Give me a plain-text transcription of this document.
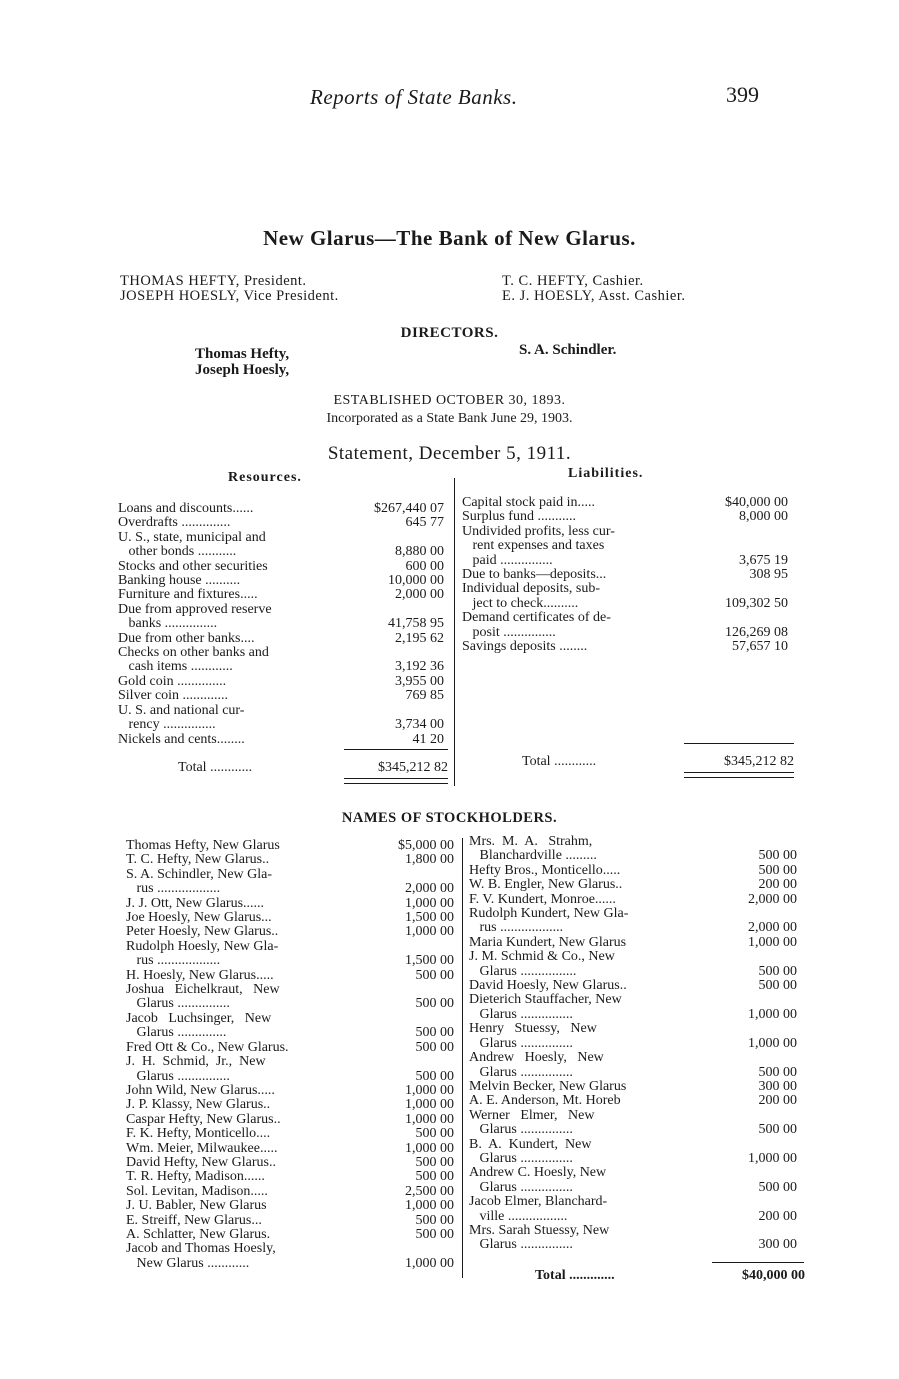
Reports of State Banks.	399
New Glarus—The Bank of New Glarus.
THOMAS HEFTY, President.
JOSEPH HOESLY, Vice President.
T. C. HEFTY, Cashier.
E. J. HOESLY, Asst. Cashier.
DIRECTORS.
Thomas Hefty,
Joseph Hoesly,
S. A. Schindler.
ESTABLISHED OCTOBER 30, 1893.
Incorporated as a State Bank June 29, 1903.
Statement, December 5, 1911.
Resources.	Liabilities.
Loans and discounts......	$267,440 07
Overdrafts ..............	645 77
U. S., state, municipal and
other bonds ...........	8,880 00
Stocks and other securities	600 00
Banking house ..........	10,000 00
Furniture and fixtures.....	2,000 00
Due from approved reserve
banks ...............	41,758 95
Due from other banks....	2,195 62
Checks on other banks and
cash items ............	3,192 36
Gold coin ..............	3,955 00
Silver coin .............	769 85
U. S. and national cur-
rency ...............	3,734 00
Nickels and cents........	41 20
Total ............	$345,212 82
Capital stock paid in.....	$40,000 00
Surplus fund ...........	8,000 00
Undivided profits, less cur-
rent expenses and taxes
paid ...............	3,675 19
Due to banks—deposits...	308 95
Individual deposits, sub-
ject to check..........	109,302 50
Demand certificates of de-
posit ...............	126,269 08
Savings deposits ........	57,657 10
Total ............	$345,212 82
NAMES OF STOCKHOLDERS.
Thomas Hefty, New Glarus	$5,000 00
T. C. Hefty, New Glarus..	1,800 00
S. A. Schindler, New Gla-
rus ..................	2,000 00
J. J. Ott, New Glarus......	1,000 00
Joe Hoesly, New Glarus...	1,500 00
Peter Hoesly, New Glarus..	1,000 00
Rudolph Hoesly, New Gla-
rus ..................	1,500 00
H. Hoesly, New Glarus.....	500 00
Joshua   Eichelkraut,   New
Glarus ...............	500 00
Jacob   Luchsinger,   New
Glarus ..............	500 00
Fred Ott & Co., New Glarus.	500 00
J.  H.  Schmid,  Jr.,  New
Glarus ...............	500 00
John Wild, New Glarus.....	1,000 00
J. P. Klassy, New Glarus..	1,000 00
Caspar Hefty, New Glarus..	1,000 00
F. K. Hefty, Monticello....	500 00
Wm. Meier, Milwaukee.....	1,000 00
David Hefty, New Glarus..	500 00
T. R. Hefty, Madison......	500 00
Sol. Levitan, Madison.....	2,500 00
J. U. Babler, New Glarus	1,000 00
E. Streiff, New Glarus...	500 00
A. Schlatter, New Glarus.	500 00
Jacob and Thomas Hoesly,
New Glarus ............	1,000 00
Mrs.  M.  A.   Strahm,
Blanchardville .........	500 00
Hefty Bros., Monticello.....	500 00
W. B. Engler, New Glarus..	200 00
F. V. Kundert, Monroe......	2,000 00
Rudolph Kundert, New Gla-
rus ..................	2,000 00
Maria Kundert, New Glarus	1,000 00
J. M. Schmid & Co., New
Glarus ................	500 00
David Hoesly, New Glarus..	500 00
Dieterich Stauffacher, New
Glarus ...............	1,000 00
Henry   Stuessy,   New
Glarus ...............	1,000 00
Andrew   Hoesly,   New
Glarus ...............	500 00
Melvin Becker, New Glarus	300 00
A. E. Anderson, Mt. Horeb	200 00
Werner   Elmer,   New
Glarus ...............	500 00
B.  A.  Kundert,  New
Glarus ...............	1,000 00
Andrew C. Hoesly, New
Glarus ...............	500 00
Jacob Elmer, Blanchard-
ville .................	200 00
Mrs. Sarah Stuessy, New
Glarus ...............	300 00
Total .............	$40,000 00
